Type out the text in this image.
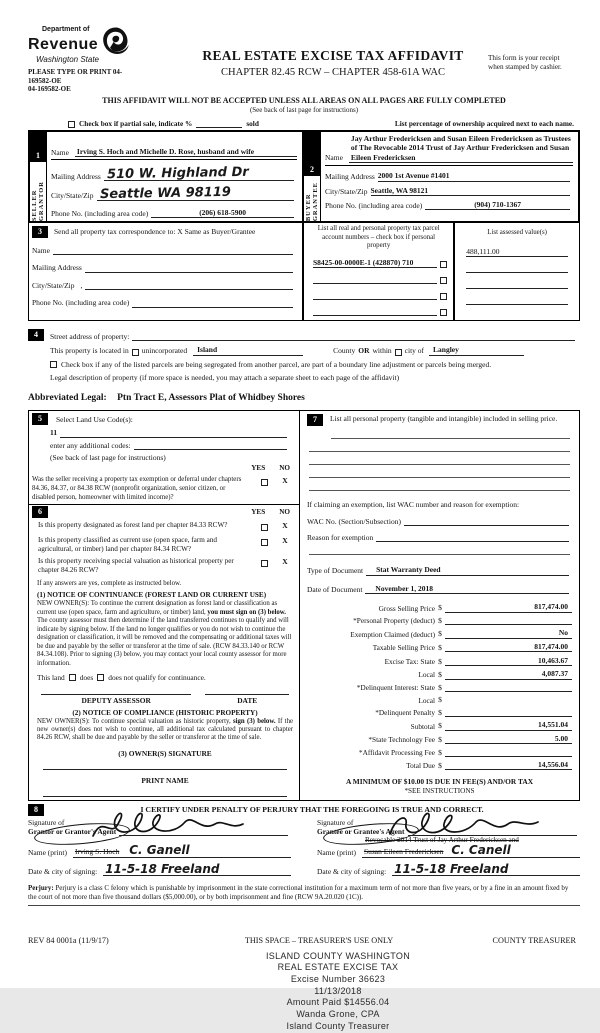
Department of
Revenue
Washington State
PLEASE TYPE OR PRINT 04-
169582-OE
04-169582-OE
REAL ESTATE EXCISE TAX AFFIDAVIT
CHAPTER 82.45 RCW – CHAPTER 458-61A WAC
This form is your receipt
when stamped by cashier.
THIS AFFIDAVIT WILL NOT BE ACCEPTED UNLESS ALL AREAS ON ALL PAGES ARE FULLY COMPLETED
(See back of last page for instructions)
Check box if partial sale, indicate %	sold	List percentage of ownership acquired next to each name.
1
SELLER GRANTOR
Name Irving S. Hoch and Michelle D. Rose, husband and wife
Mailing Address 510 W. Highland Dr
City/State/Zip Seattle WA 98119
Phone No. (including area code)	(206) 618-5900
2
BUYER GRANTEE
Name
Jay Arthur Fredericksen and Susan Eileen Fredericksen as Trustees of The Revocable 2014 Trust of Jay Arthur Fredericksen and Susan Eileen Fredericksen
Mailing Address 2000 1st Avenue #1401
City/State/Zip Seattle, WA 98121
Phone No. (including area code)	(904) 710-1367
3	Send all property tax correspondence to: X Same as Buyer/Grantee
Name
Mailing Address
City/State/Zip ,
Phone No. (including area code)
List all real and personal property tax parcel account numbers – check box if personal property
S8425-00-0000E-1 (428870) 710
List assessed value(s)
488,111.00
4	Street address of property:
This property is located in unincorporated	Island	County OR within city of	Langley
Check box if any of the listed parcels are being segregated from another parcel, are part of a boundary line adjustment or parcels being merged.
Legal description of property (if more space is needed, you may attach a separate sheet to each page of the affidavit)
Abbreviated Legal: Ptn Tract E, Assessors Plat of Whidbey Shores
5	Select Land Use Code(s):
11
enter any additional codes:
(See back of last page for instructions)
YES NO
Was the seller receiving a property tax exemption or deferral under chapters 84.36, 84.37, or 84.38 RCW (nonprofit organization, senior citizen, or disabled person, homeowner with limited income)?
X
6	YES NO
Is this property designated as forest land per chapter 84.33 RCW?	X
Is this property classified as current use (open space, farm and agricultural, or timber) land per chapter 84.34 RCW?
X
Is this property receiving special valuation as historical property per chapter 84.26 RCW?
X
If any answers are yes, complete as instructed below.
(1) NOTICE OF CONTINUANCE (FOREST LAND OR CURRENT USE)
NEW OWNER(S): To continue the current designation as forest land or classification as current use (open space, farm and agriculture, or timber) land, you must sign on (3) below. The county assessor must then determine if the land transferred continues to qualify and will indicate by signing below. If the land no longer qualifies or you do not wish to continue the designation or classification, it will be removed and the compensating or additional taxes will be due and payable by the seller or transferor at the time of sale. (RCW 84.33.140 or RCW 84.34.108). Prior to signing (3) below, you may contact your local county assessor for more information.
This land does does not qualify for continuance.
DEPUTY ASSESSOR	DATE
(2) NOTICE OF COMPLIANCE (HISTORIC PROPERTY)
NEW OWNER(S): To continue special valuation as historic property, sign (3) below. If the new owner(s) does not wish to continue, all additional tax calculated pursuant to chapter 84.26 RCW, shall be due and payable by the seller or transferor at the time of sale.
(3) OWNER(S) SIGNATURE
PRINT NAME
7	List all personal property (tangible and intangible) included in selling price.
If claiming an exemption, list WAC number and reason for exemption:
WAC No. (Section/Subsection)
Reason for exemption
Type of Document	Stat Warranty Deed
Date of Document	November 1, 2018
Gross Selling Price $	817,474.00
*Personal Property (deduct) $
Exemption Claimed (deduct) $	No
Taxable Selling Price $	817,474.00
Excise Tax: State $	10,463.67
Local $	4,087.37
*Delinquent Interest: State $
Local $
*Delinquent Penalty $
Subtotal $	14,551.04
*State Technology Fee $	5.00
*Affidavit Processing Fee $
Total Due $	14,556.04
A MINIMUM OF $10.00 IS DUE IN FEE(S) AND/OR TAX
*SEE INSTRUCTIONS
8	I CERTIFY UNDER PENALTY OF PERJURY THAT THE FOREGOING IS TRUE AND CORRECT.
Signature of
Grantor or Grantor's Agent
Name (print) Irving S. Hoch C. Ganell
Date & city of signing: 11-5-18 Freeland
Signature of
Grantee or Grantee's Agent
Revocable 2014 Trust of Jay Arthur Fredericksen and
Name (print) Susan Eileen Fredericksen C. Canell
Date & city of signing: 11-5-18 Freeland
Perjury: Perjury is a class C felony which is punishable by imprisonment in the state correctional institution for a maximum term of not more than five years, or by a fine in an amount fixed by the court of not more than five thousand dollars ($5,000.00), or by both imprisonment and fine (RCW 9A.20.020 (1C)).
REV 84 0001a (11/9/17)	THIS SPACE – TREASURER'S USE ONLY	COUNTY TREASURER
ISLAND COUNTY WASHINGTON
REAL ESTATE EXCISE TAX
Excise Number 36623
11/13/2018
Amount Paid $14556.04
Wanda Grone, CPA
Island County Treasurer
